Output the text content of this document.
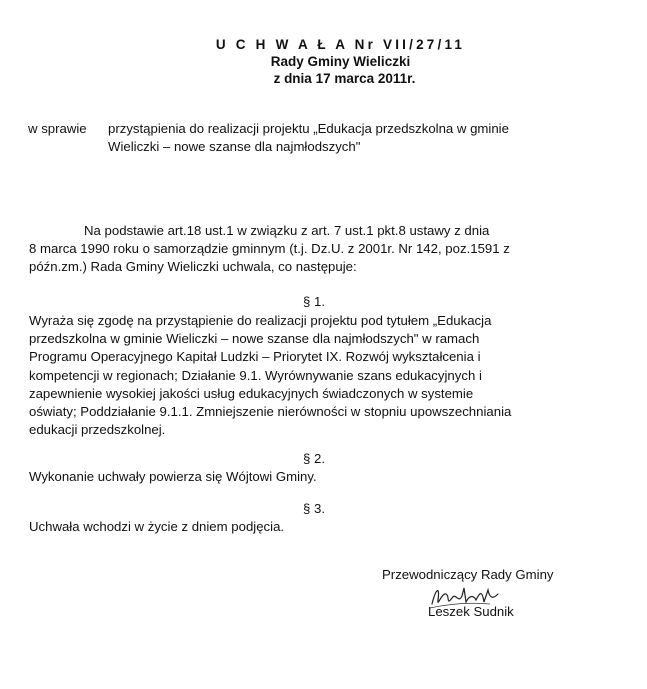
U C H W A Ł A Nr VII/27/11
Rady Gminy Wieliczki
z dnia 17 marca 2011r.
w sprawie przystąpienia do realizacji projektu „Edukacja przedszkolna w gminie
Wieliczki – nowe szanse dla najmłodszych"
Na podstawie art.18 ust.1 w związku z art. 7 ust.1 pkt.8 ustawy z dnia
8 marca 1990 roku o samorządzie gminnym (t.j. Dz.U. z 2001r. Nr 142, poz.1591 z
późn.zm.) Rada Gminy Wieliczki uchwala, co następuje:
§ 1.
Wyraża się zgodę na przystąpienie do realizacji projektu pod tytułem „Edukacja
przedszkolna w gminie Wieliczki – nowe szanse dla najmłodszych" w ramach
Programu Operacyjnego Kapitał Ludzki – Priorytet IX. Rozwój wykształcenia i
kompetencji w regionach; Działanie 9.1. Wyrównywanie szans edukacyjnych i
zapewnienie wysokiej jakości usług edukacyjnych świadczonych w systemie
oświaty; Poddziałanie 9.1.1. Zmniejszenie nierówności w stopniu upowszechniania
edukacji przedszkolnej.
§ 2.
Wykonanie uchwały powierza się Wójtowi Gminy.
§ 3.
Uchwała wchodzi w życie z dniem podjęcia.
Przewodniczący Rady Gminy
Leszek Sudnik
